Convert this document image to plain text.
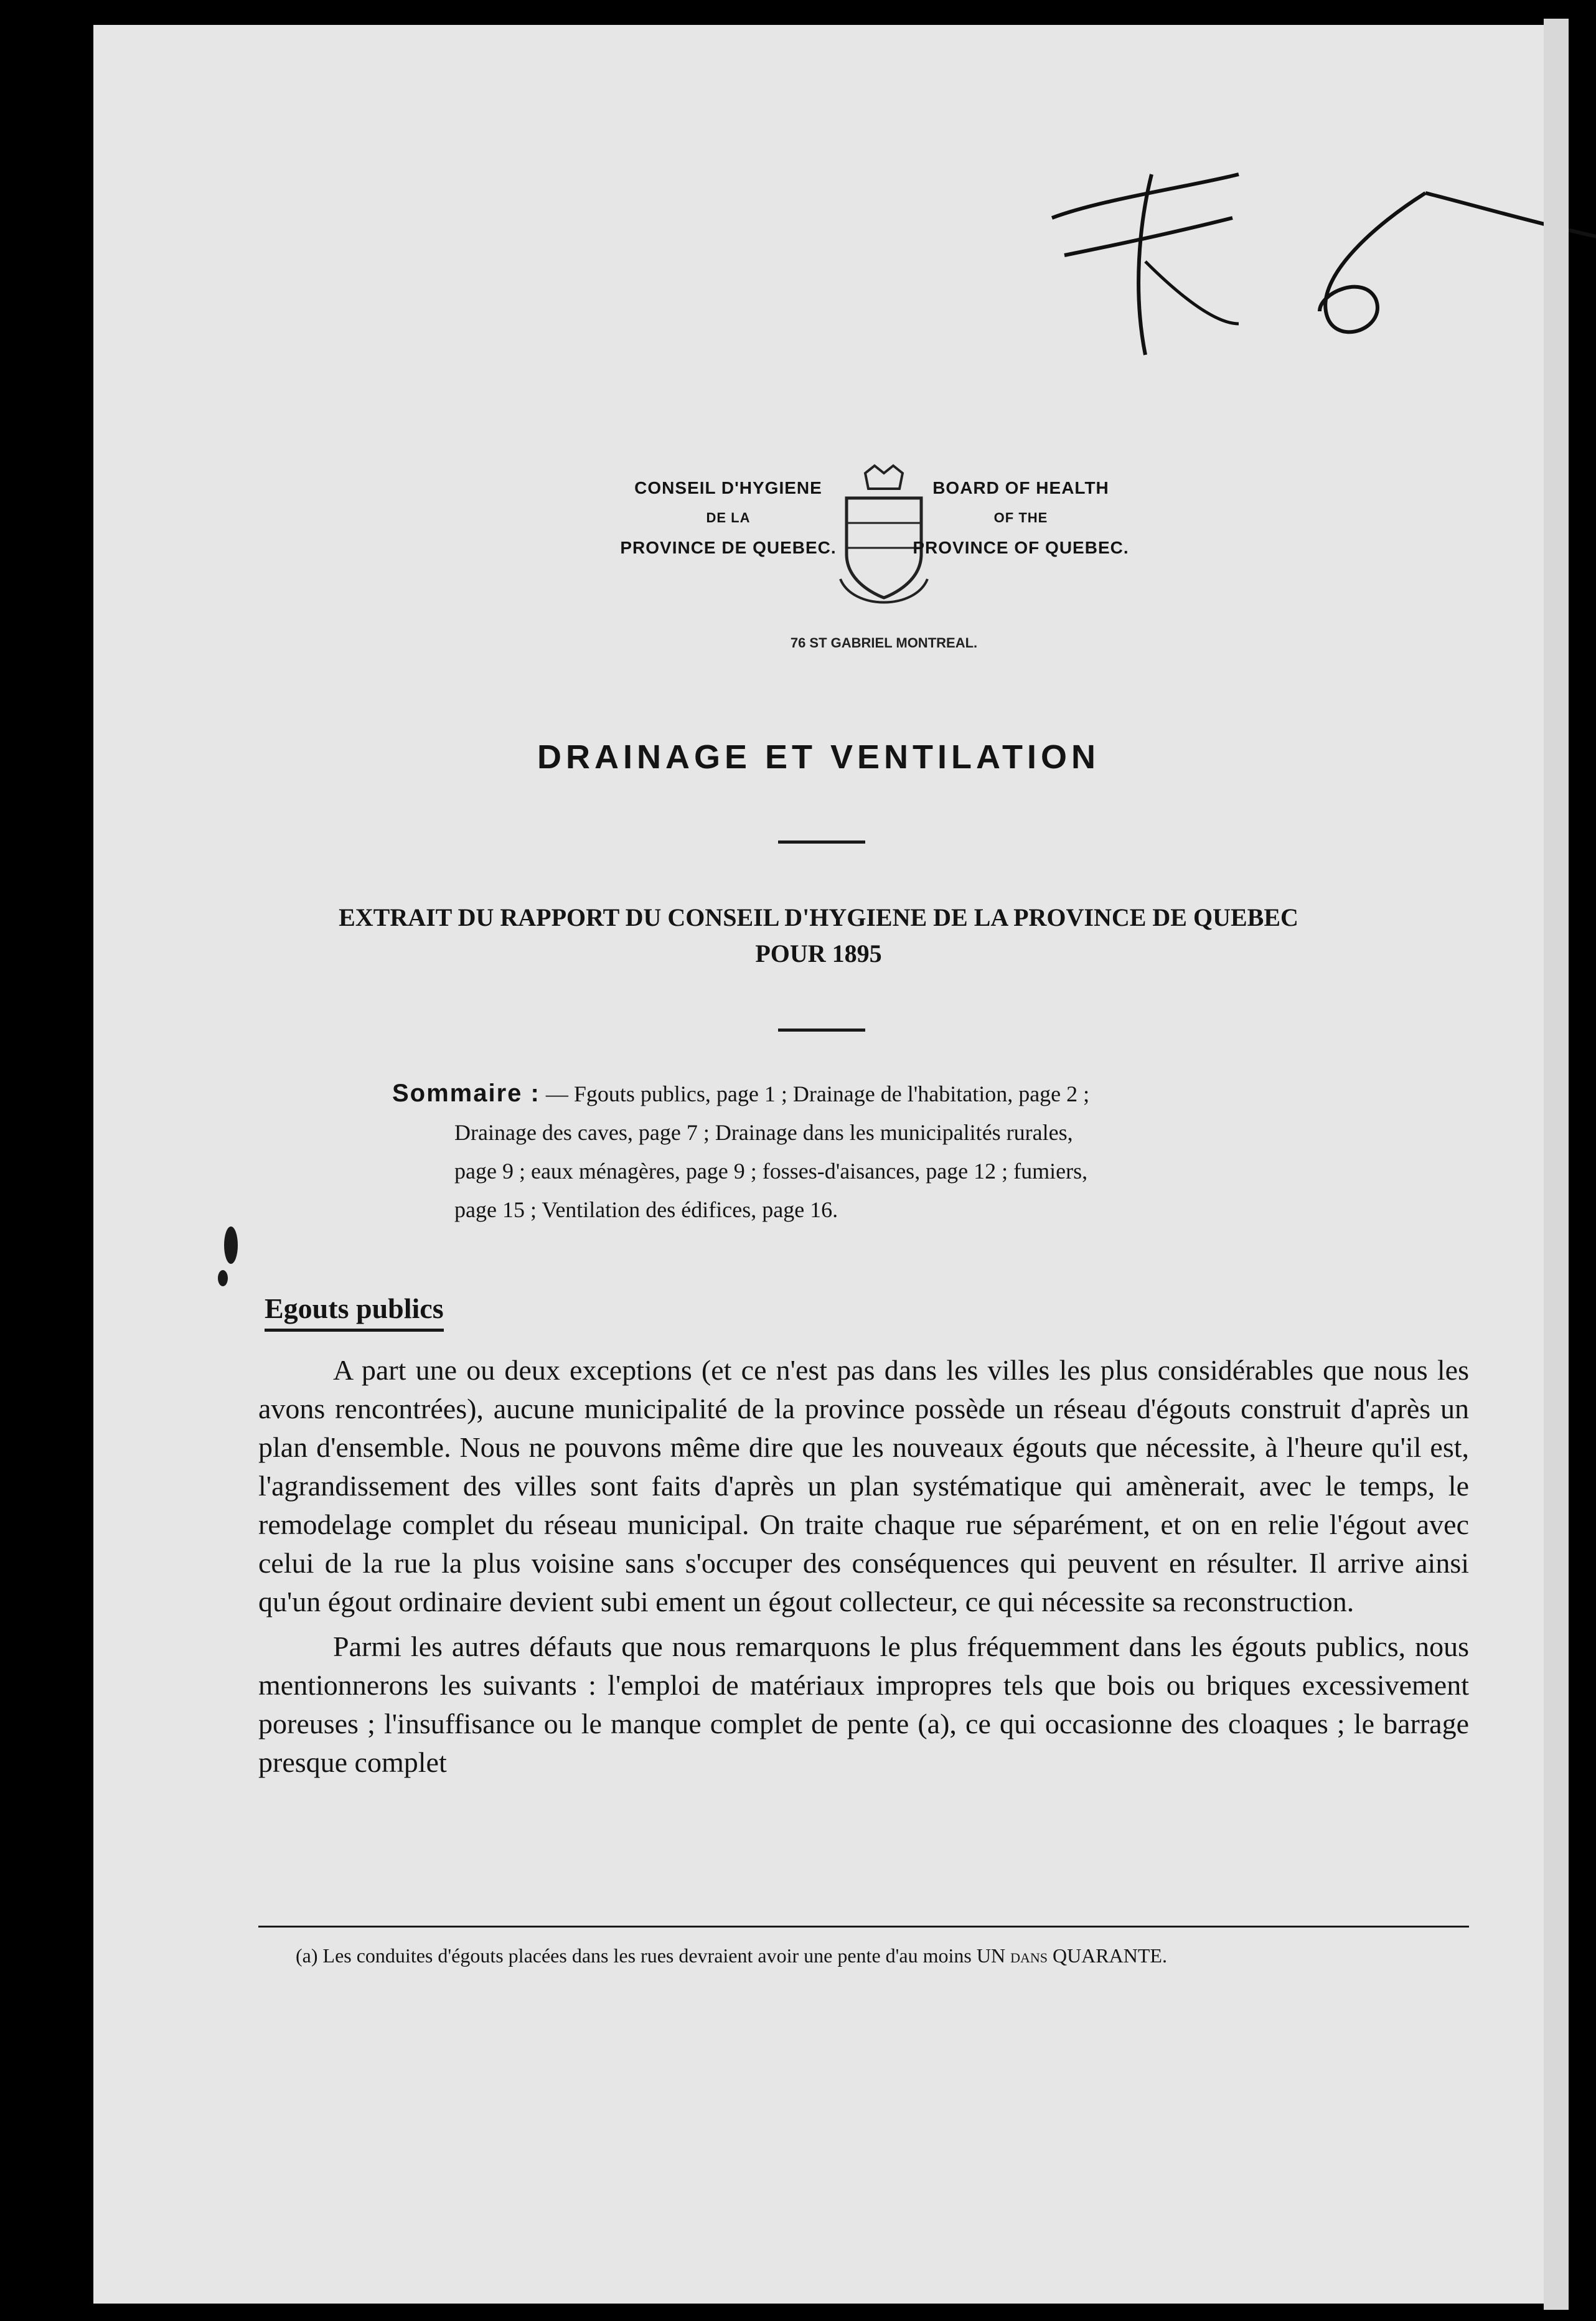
CONSEIL D'HYGIENE
DE LA
PROVINCE DE QUEBEC.
76 ST GABRIEL MONTREAL.
BOARD OF HEALTH
OF THE
PROVINCE OF QUEBEC.
DRAINAGE ET VENTILATION
EXTRAIT DU RAPPORT DU CONSEIL D'HYGIENE DE LA PROVINCE DE QUEBEC
POUR 1895
Sommaire : — Fgouts publics, page 1 ; Drainage de l'habitation, page 2 ;
Drainage des caves, page 7 ; Drainage dans les municipalités rurales,
page 9 ; eaux ménagères, page 9 ; fosses-d'aisances, page 12 ; fumiers,
page 15 ; Ventilation des édifices, page 16.
Egouts publics

A part une ou deux exceptions (et ce n'est pas dans les villes les plus considérables que nous les avons rencontrées), aucune municipalité de la province possède un réseau d'égouts construit d'après un plan d'ensemble. Nous ne pouvons même dire que les nouveaux égouts que nécessite, à l'heure qu'il est, l'agrandissement des villes sont faits d'après un plan systématique qui amènerait, avec le temps, le remodelage complet du réseau municipal. On traite chaque rue séparément, et on en relie l'égout avec celui de la rue la plus voisine sans s'occuper des conséquences qui peuvent en résulter. Il arrive ainsi qu'un égout ordinaire devient subi ement un égout collecteur, ce qui nécessite sa reconstruction.

Parmi les autres défauts que nous remarquons le plus fréquemment dans les égouts publics, nous mentionnerons les suivants : l'emploi de matériaux impropres tels que bois ou briques excessivement poreuses ; l'insuffisance ou le manque complet de pente (a), ce qui occasionne des cloaques ; le barrage presque complet

(a) Les conduites d'égouts placées dans les rues devraient avoir une pente d'au moins UN dans QUARANTE.
